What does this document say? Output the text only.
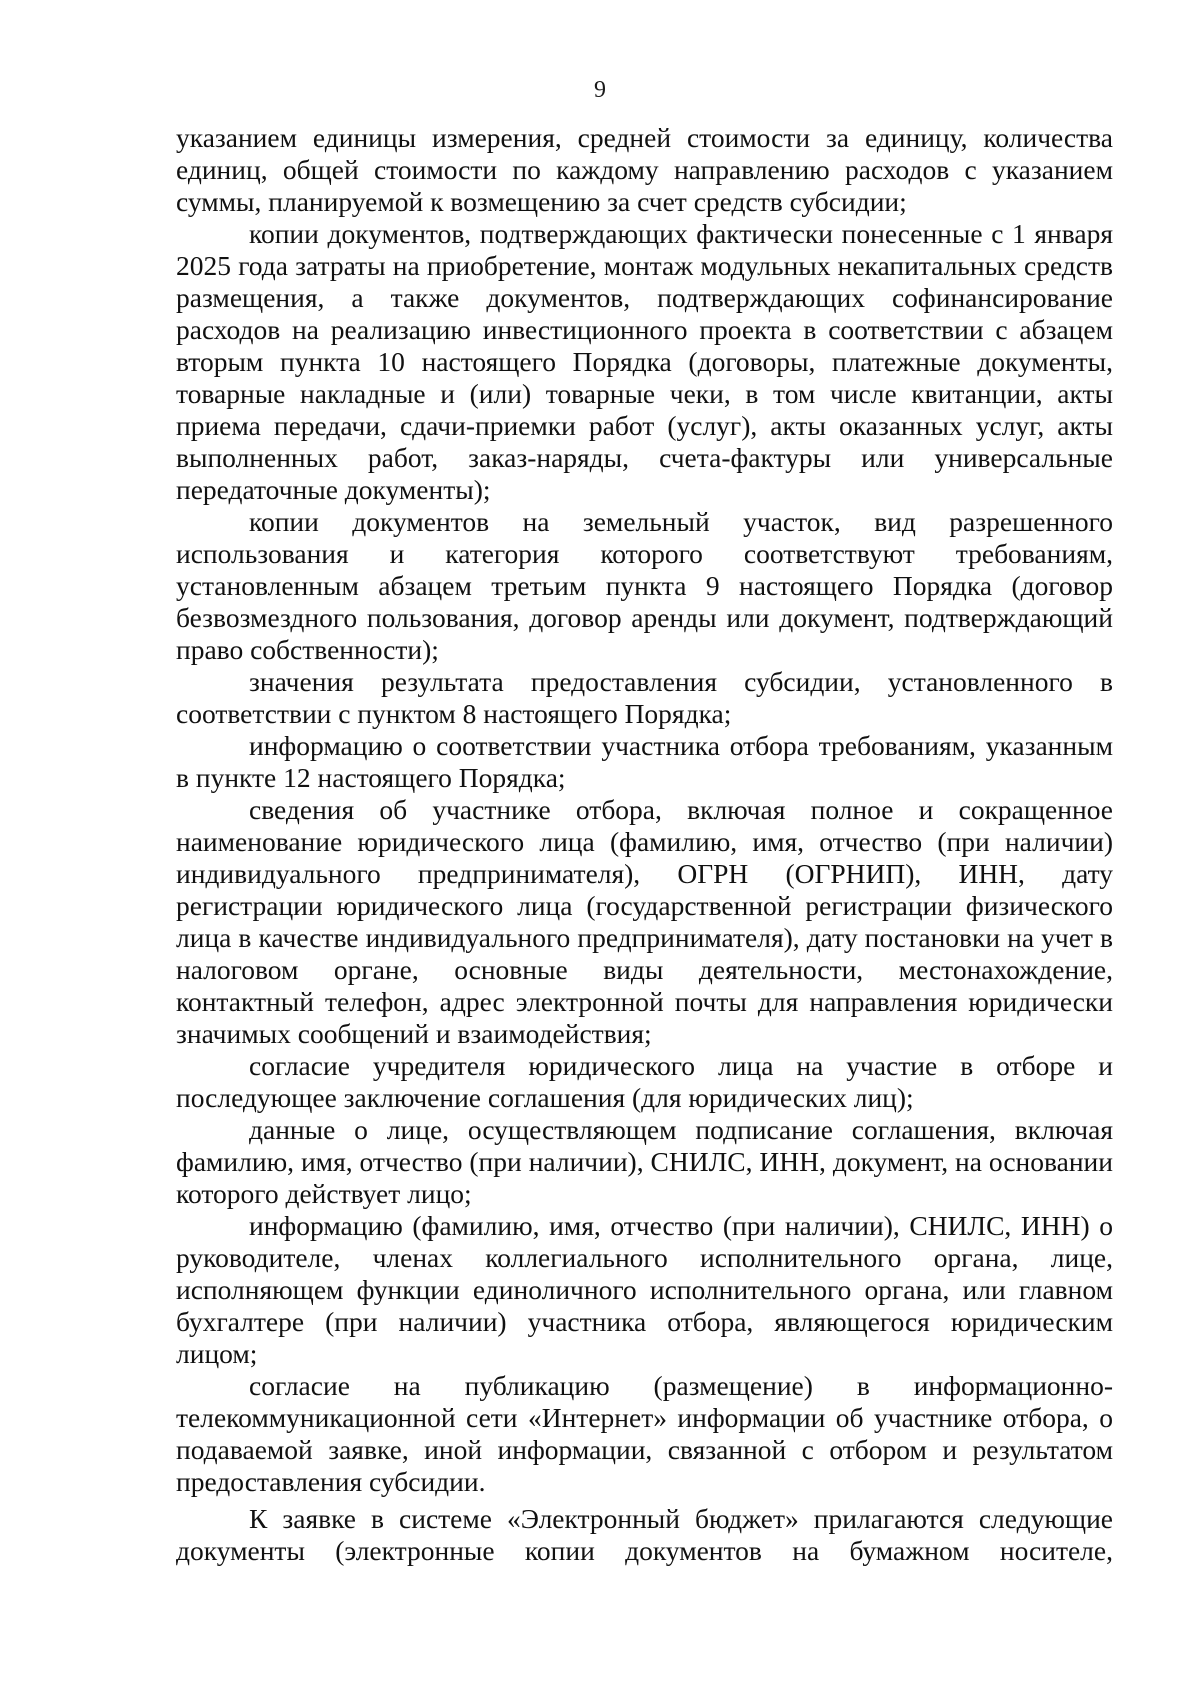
9

указанием единицы измерения, средней стоимости за единицу, количества единиц, общей стоимости по каждому направлению расходов с указанием суммы, планируемой к возмещению за счет средств субсидии;

копии документов, подтверждающих фактически понесенные с 1 января 2025 года затраты на приобретение, монтаж модульных некапитальных средств размещения, а также документов, подтверждающих софинансирование расходов на реализацию инвестиционного проекта в соответствии с абзацем вторым пункта 10 настоящего Порядка (договоры, платежные документы, товарные накладные и (или) товарные чеки, в том числе квитанции, акты приема передачи, сдачи-приемки работ (услуг), акты оказанных услуг, акты выполненных работ, заказ-наряды, счета-фактуры или универсальные передаточные документы);

копии документов на земельный участок, вид разрешенного использования и категория которого соответствуют требованиям, установленным абзацем третьим пункта 9 настоящего Порядка (договор безвозмездного пользования, договор аренды или документ, подтверждающий право собственности);

значения результата предоставления субсидии, установленного в соответствии с пунктом 8 настоящего Порядка;

информацию о соответствии участника отбора требованиям, указанным в пункте 12 настоящего Порядка;

сведения об участнике отбора, включая полное и сокращенное наименование юридического лица (фамилию, имя, отчество (при наличии) индивидуального предпринимателя), ОГРН (ОГРНИП), ИНН, дату регистрации юридического лица (государственной регистрации физического лица в качестве индивидуального предпринимателя), дату постановки на учет в налоговом органе, основные виды деятельности, местонахождение, контактный телефон, адрес электронной почты для направления юридически значимых сообщений и взаимодействия;

согласие учредителя юридического лица на участие в отборе и последующее заключение соглашения (для юридических лиц);

данные о лице, осуществляющем подписание соглашения, включая фамилию, имя, отчество (при наличии), СНИЛС, ИНН, документ, на основании которого действует лицо;

информацию (фамилию, имя, отчество (при наличии), СНИЛС, ИНН) о руководителе, членах коллегиального исполнительного органа, лице, исполняющем функции единоличного исполнительного органа, или главном бухгалтере (при наличии) участника отбора, являющегося юридическим лицом;

согласие на публикацию (размещение) в информационно-телекоммуникационной сети «Интернет» информации об участнике отбора, о подаваемой заявке, иной информации, связанной с отбором и результатом предоставления субсидии.

К заявке в системе «Электронный бюджет» прилагаются следующие документы (электронные копии документов на бумажном носителе,
